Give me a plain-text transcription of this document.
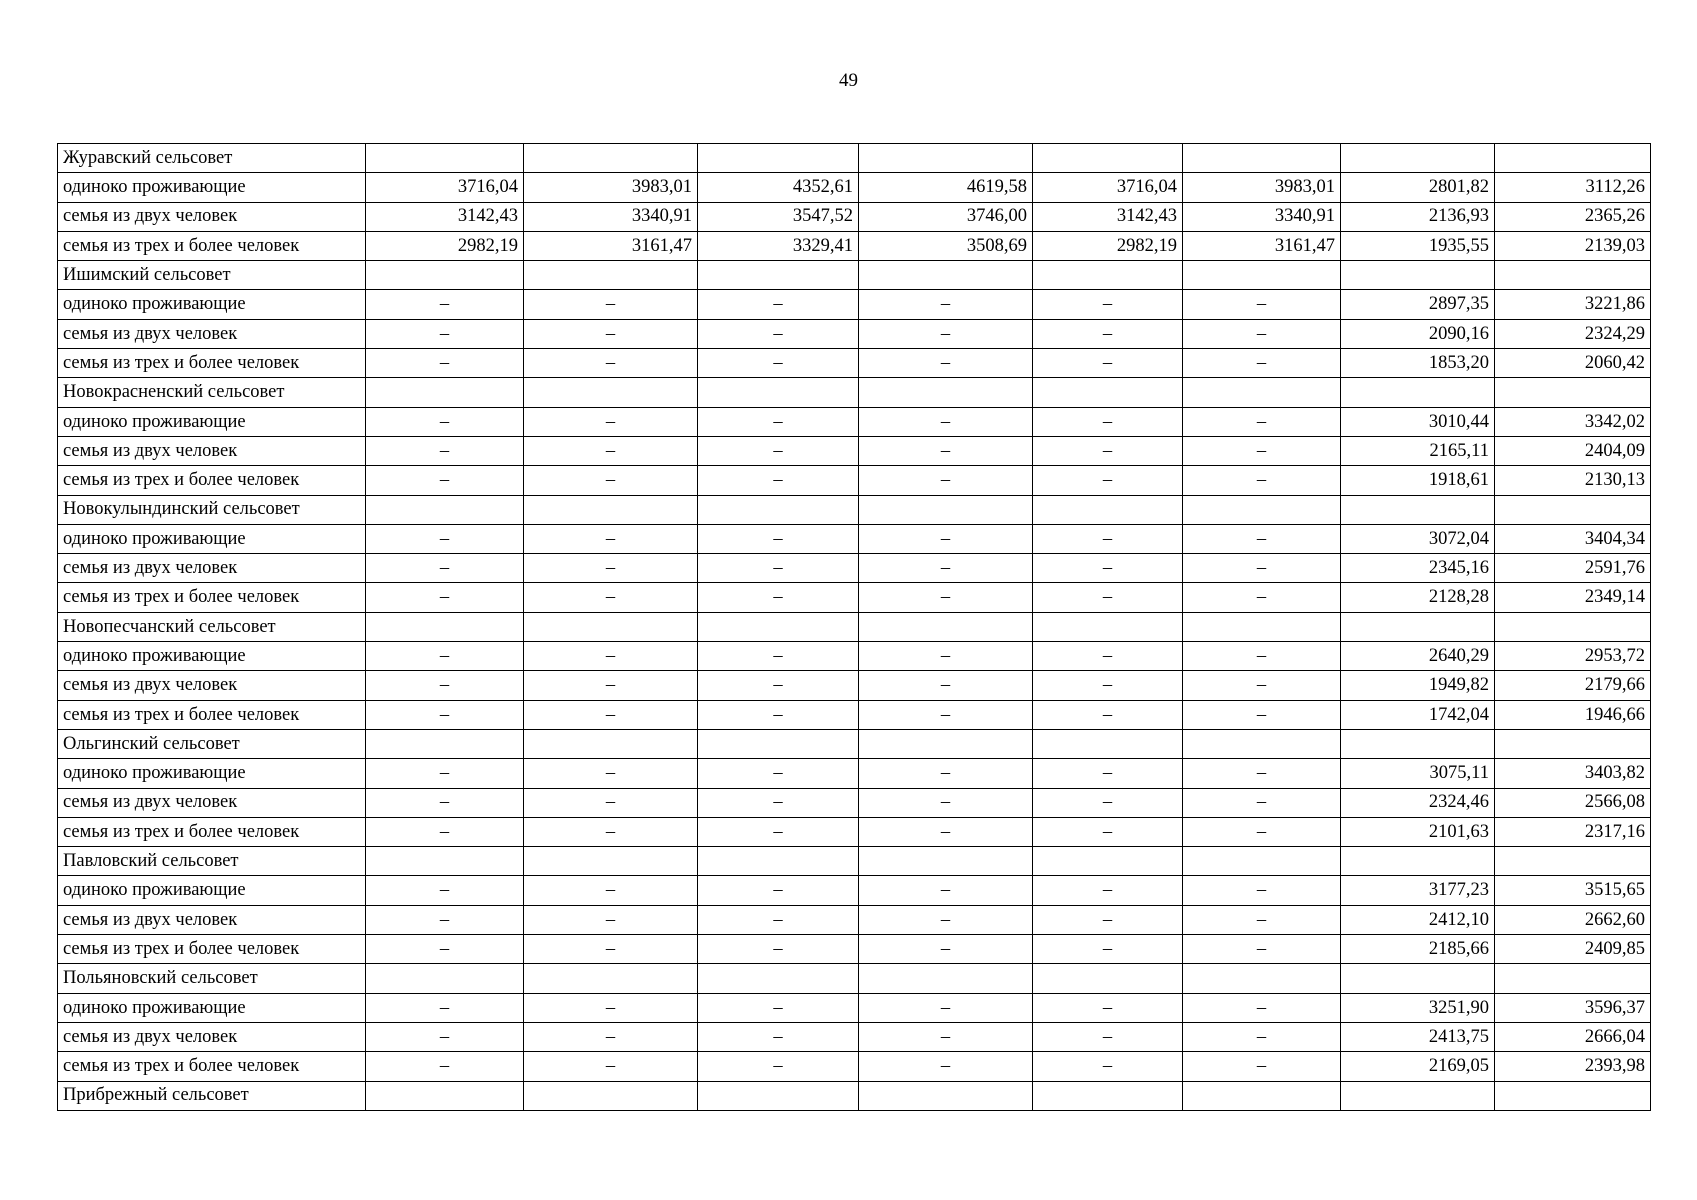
49
Журавский сельсовет								
одиноко проживающие	3716,04	3983,01	4352,61	4619,58	3716,04	3983,01	2801,82	3112,26
семья из двух человек	3142,43	3340,91	3547,52	3746,00	3142,43	3340,91	2136,93	2365,26
семья из трех и более человек	2982,19	3161,47	3329,41	3508,69	2982,19	3161,47	1935,55	2139,03
Ишимский сельсовет								
одиноко проживающие	–	–	–	–	–	–	2897,35	3221,86
семья из двух человек	–	–	–	–	–	–	2090,16	2324,29
семья из трех и более человек	–	–	–	–	–	–	1853,20	2060,42
Новокрасненский сельсовет								
одиноко проживающие	–	–	–	–	–	–	3010,44	3342,02
семья из двух человек	–	–	–	–	–	–	2165,11	2404,09
семья из трех и более человек	–	–	–	–	–	–	1918,61	2130,13
Новокулындинский сельсовет								
одиноко проживающие	–	–	–	–	–	–	3072,04	3404,34
семья из двух человек	–	–	–	–	–	–	2345,16	2591,76
семья из трех и более человек	–	–	–	–	–	–	2128,28	2349,14
Новопесчанский сельсовет								
одиноко проживающие	–	–	–	–	–	–	2640,29	2953,72
семья из двух человек	–	–	–	–	–	–	1949,82	2179,66
семья из трех и более человек	–	–	–	–	–	–	1742,04	1946,66
Ольгинский сельсовет								
одиноко проживающие	–	–	–	–	–	–	3075,11	3403,82
семья из двух человек	–	–	–	–	–	–	2324,46	2566,08
семья из трех и более человек	–	–	–	–	–	–	2101,63	2317,16
Павловский сельсовет								
одиноко проживающие	–	–	–	–	–	–	3177,23	3515,65
семья из двух человек	–	–	–	–	–	–	2412,10	2662,60
семья из трех и более человек	–	–	–	–	–	–	2185,66	2409,85
Польяновский сельсовет								
одиноко проживающие	–	–	–	–	–	–	3251,90	3596,37
семья из двух человек	–	–	–	–	–	–	2413,75	2666,04
семья из трех и более человек	–	–	–	–	–	–	2169,05	2393,98
Прибрежный сельсовет								
